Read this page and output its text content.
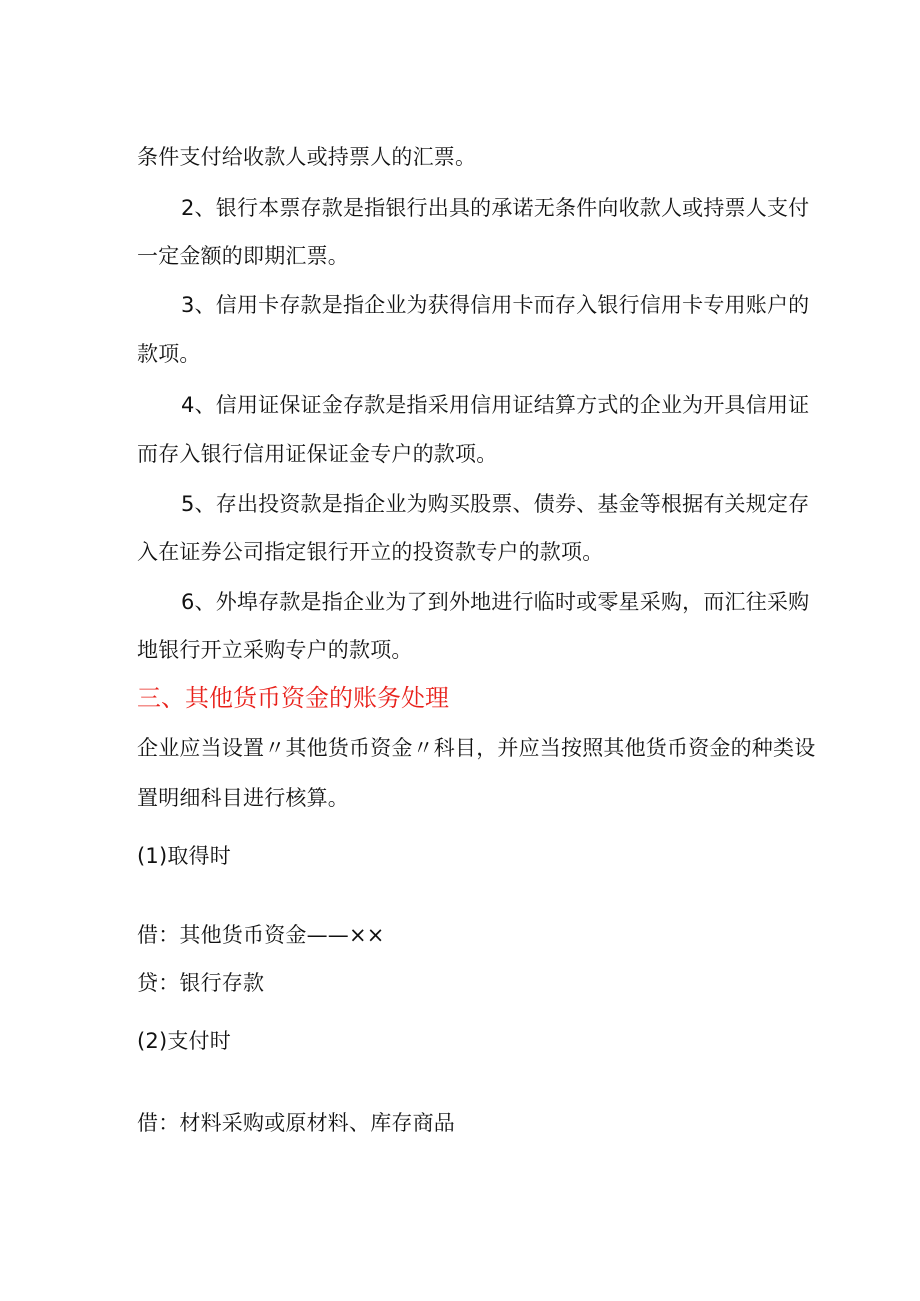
条件支付给收款人或持票人的汇票。
2、银行本票存款是指银行出具的承诺无条件向收款人或持票人支付
一定金额的即期汇票。
3、信用卡存款是指企业为获得信用卡而存入银行信用卡专用账户的
款项。
4、信用证保证金存款是指采用信用证结算方式的企业为开具信用证
而存入银行信用证保证金专户的款项。
5、存出投资款是指企业为购买股票、债券、基金等根据有关规定存
入在证券公司指定银行开立的投资款专户的款项。
6、外埠存款是指企业为了到外地进行临时或零星采购，而汇往采购
地银行开立采购专户的款项。
三、其他货币资金的账务处理
企业应当设置〃其他货币资金〃科目，并应当按照其他货币资金的种类设
置明细科目进行核算。
(1)取得时
借：其他货币资金——××
贷：银行存款
(2)支付时
借：材料采购或原材料、库存商品
